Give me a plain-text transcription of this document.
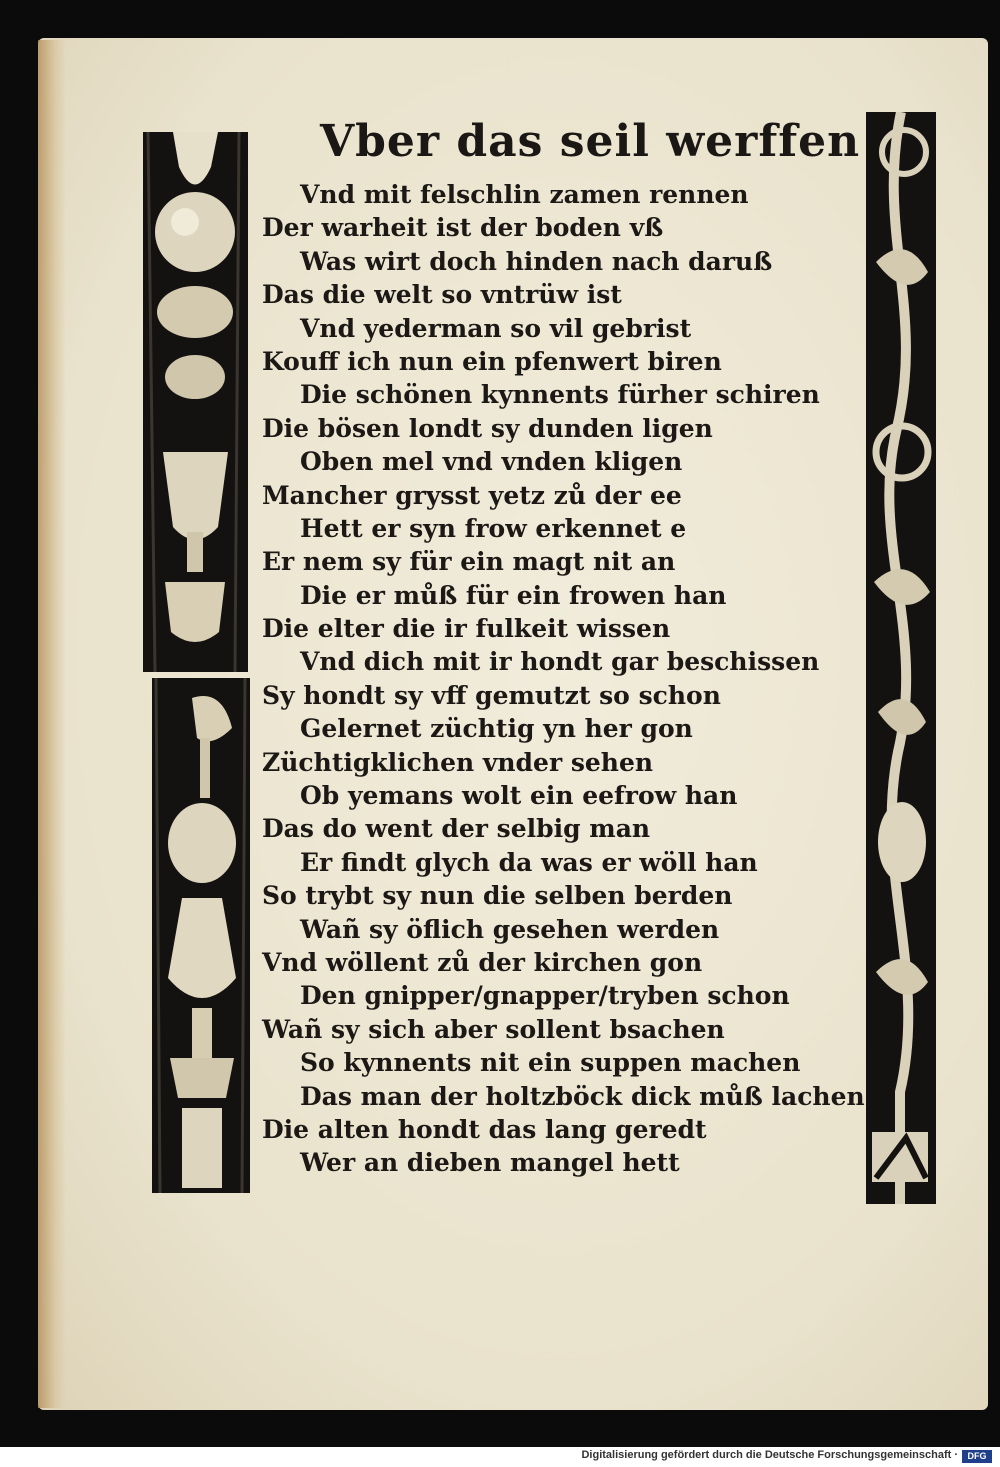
Vber das seil werffen
Vnd mit felschlin zamen rennen
Der warheit ist der boden vß
Was wirt doch hinden nach daruß
Das die welt so vntrüw ist
Vnd yederman so vil gebrist
Kouff ich nun ein pfenwert biren
Die schönen kynnents fürher schiren
Die bösen londt sy dunden ligen
Oben mel vnd vnden kligen
Mancher grysst yetz zů der ee
Hett er syn frow erkennet e
Er nem sy für ein magt nit an
Die er můß für ein frowen han
Die elter die ir fulkeit wissen
Vnd dich mit ir hondt gar beschissen
Sy hondt sy vff gemutzt so schon
Gelernet züchtig yn her gon
Züchtigklichen vnder sehen
Ob yemans wolt ein eefrow han
Das do went der selbig man
Er findt glych da was er wöll han
So trybt sy nun die selben berden
Wañ sy öflich gesehen werden
Vnd wöllent zů der kirchen gon
Den gnipper/gnapper/tryben schon
Wañ sy sich aber sollent bsachen
So kynnents nit ein suppen machen
Das man der holtzböck dick můß lachen
Die alten hondt das lang geredt
Wer an dieben mangel hett
Digitalisierung gefördert durch die Deutsche Forschungsgemeinschaft ·	DFG
